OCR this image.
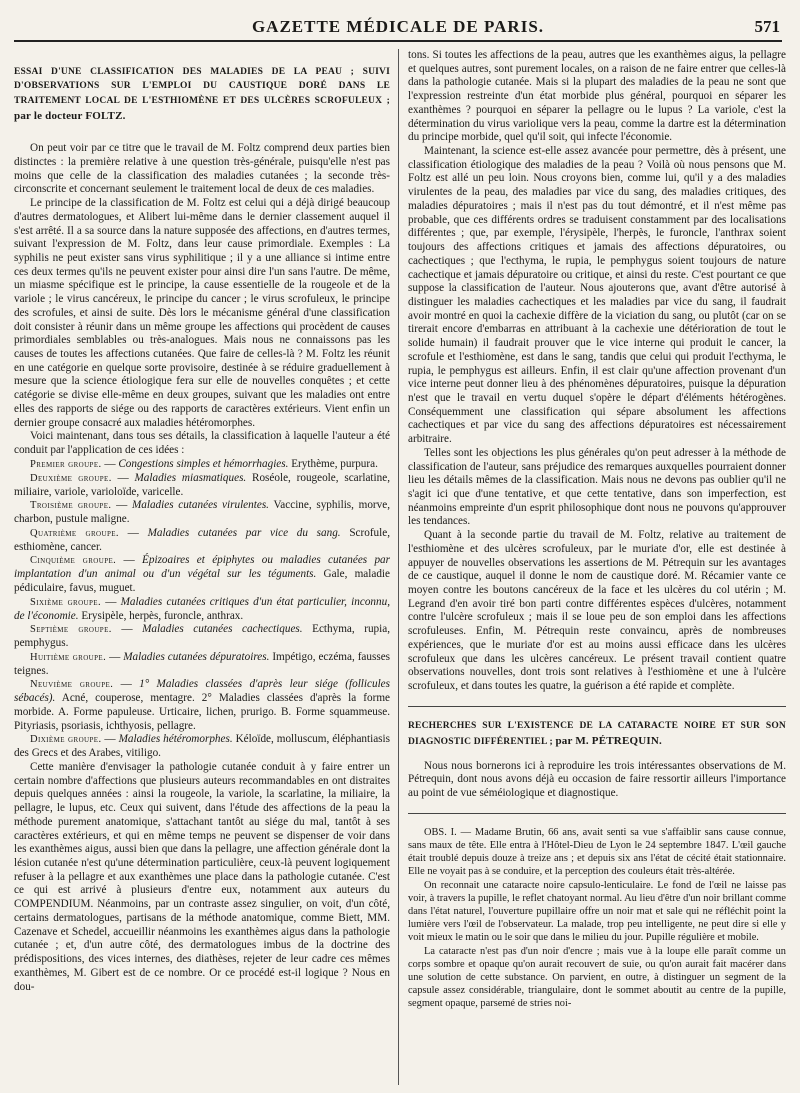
GAZETTE MÉDICALE DE PARIS.	571

ESSAI D'UNE CLASSIFICATION DES MALADIES DE LA PEAU ; SUIVI D'OBSERVATIONS SUR L'EMPLOI DU CAUSTIQUE DORÉ DANS LE TRAITEMENT LOCAL DE L'ESTHIOMÈNE ET DES ULCÈRES SCROFULEUX ; par le docteur FOLTZ.

On peut voir par ce titre que le travail de M. Foltz comprend deux parties bien distinctes : la première relative à une question très-générale, puisqu'elle n'est pas moins que celle de la classification des maladies cutanées ; la seconde très-circonscrite et concernant seulement le traitement local de deux de ces maladies.

Le principe de la classification de M. Foltz est celui qui a déjà dirigé beaucoup d'autres dermatologues, et Alibert lui-même dans le dernier classement auquel il s'est arrêté. Il a sa source dans la nature supposée des affections, en d'autres termes, suivant l'expression de M. Foltz, dans leur cause primordiale. Exemples : La syphilis ne peut exister sans virus syphilitique ; il y a une alliance si intime entre ces deux termes qu'ils ne peuvent exister pour ainsi dire l'un sans l'autre. De même, un miasme spécifique est le principe, la cause essentielle de la rougeole et de la variole ; le virus cancéreux, le principe du cancer ; le virus scrofuleux, le principe des scrofules, et ainsi de suite. Dès lors le mécanisme général d'une classification doit consister à réunir dans un même groupe les affections qui procèdent de causes primordiales semblables ou très-analogues. Mais nous ne connaissons pas les causes de toutes les affections cutanées. Que faire de celles-là ? M. Foltz les réunit en une catégorie en quelque sorte provisoire, destinée à se réduire graduellement à mesure que la science étiologique fera sur elle de nouvelles conquêtes ; et cette catégorie se divise elle-même en deux groupes, suivant que les maladies ont entre elles des rapports de siége ou des rapports de caractères extérieurs. Vient enfin un dernier groupe consacré aux maladies hétéromorphes.

Voici maintenant, dans tous ses détails, la classification à laquelle l'auteur a été conduit par l'application de ces idées :

Premier groupe. — Congestions simples et hémorrhagies. Erythème, purpura.

Deuxième groupe. — Maladies miasmatiques. Roséole, rougeole, scarlatine, miliaire, variole, varioloïde, varicelle.

Troisième groupe. — Maladies cutanées virulentes. Vaccine, syphilis, morve, charbon, pustule maligne.

Quatrième groupe. — Maladies cutanées par vice du sang. Scrofule, esthiomène, cancer.

Cinquième groupe. — Épizoaires et épiphytes ou maladies cutanées par implantation d'un animal ou d'un végétal sur les téguments. Gale, maladie pédiculaire, favus, muguet.

Sixième groupe. — Maladies cutanées critiques d'un état particulier, inconnu, de l'économie. Erysipèle, herpès, furoncle, anthrax.

Septième groupe. — Maladies cutanées cachectiques. Ecthyma, rupia, pemphygus.

Huitième groupe. — Maladies cutanées dépuratoires. Impétigo, eczéma, fausses teignes.

Neuvième groupe. — 1° Maladies classées d'après leur siége (follicules sébacés). Acné, couperose, mentagre. 2° Maladies classées d'après la forme morbide. A. Forme papuleuse. Urticaire, lichen, prurigo. B. Forme squammeuse. Pityriasis, psoriasis, ichthyosis, pellagre.

Dixième groupe. — Maladies hétéromorphes. Kéloïde, molluscum, éléphantiasis des Grecs et des Arabes, vitiligo.

Cette manière d'envisager la pathologie cutanée conduit à y faire entrer un certain nombre d'affections que plusieurs auteurs recommandables en ont distraites depuis quelques années : ainsi la rougeole, la variole, la scarlatine, la miliaire, la pellagre, le lupus, etc. Ceux qui suivent, dans l'étude des affections de la peau la méthode purement anatomique, s'attachant tantôt au siége du mal, tantôt à ses caractères extérieurs, et qui en même temps ne peuvent se dispenser de voir dans les exanthèmes aigus, aussi bien que dans la pellagre, une affection générale dont la lésion cutanée n'est qu'une détermination particulière, ceux-là peuvent logiquement refuser à la pellagre et aux exanthèmes une place dans la pathologie cutanée. C'est ce qui est arrivé à plusieurs d'entre eux, notamment aux auteurs du COMPENDIUM. Néanmoins, par un contraste assez singulier, on voit, d'un côté, certains dermatologues, partisans de la méthode anatomique, comme Biett, MM. Cazenave et Schedel, accueillir néanmoins les exanthèmes aigus dans la pathologie cutanée ; et, d'un autre côté, des dermatologues imbus de la doctrine des prédispositions, des vices internes, des diathèses, rejeter de leur cadre ces mêmes exanthèmes, M. Gibert est de ce nombre. Or ce procédé est-il logique ? Nous en dou-

tons. Si toutes les affections de la peau, autres que les exanthèmes aigus, la pellagre et quelques autres, sont purement locales, on a raison de ne faire entrer que celles-là dans la pathologie cutanée. Mais si la plupart des maladies de la peau ne sont que l'expression restreinte d'un état morbide plus général, pourquoi en séparer les exanthèmes ? pourquoi en séparer la pellagre ou le lupus ? La variole, c'est la détermination du virus variolique vers la peau, comme la dartre est la détermination du principe morbide, quel qu'il soit, qui infecte l'économie.

Maintenant, la science est-elle assez avancée pour permettre, dès à présent, une classification étiologique des maladies de la peau ? Voilà où nous pensons que M. Foltz est allé un peu loin. Nous croyons bien, comme lui, qu'il y a des maladies virulentes de la peau, des maladies par vice du sang, des maladies critiques, des maladies dépuratoires ; mais il n'est pas du tout démontré, et il n'est même pas probable, que ces différents ordres se traduisent constamment par des localisations différentes ; que, par exemple, l'érysipèle, l'herpès, le furoncle, l'anthrax soient toujours des affections critiques et jamais des affections dépuratoires, ou cachectiques ; que l'ecthyma, le rupia, le pemphygus soient toujours de nature cachectique et jamais dépuratoire ou critique, et ainsi du reste. C'est pourtant ce que suppose la classification de l'auteur. Nous ajouterons que, avant d'être autorisé à distinguer les maladies cachectiques et les maladies par vice du sang, il faudrait avoir montré en quoi la cachexie diffère de la viciation du sang, ou plutôt (car on se tirerait encore d'embarras en attribuant à la cachexie une détérioration de tout le solide humain) il faudrait prouver que le vice interne qui produit le cancer, la scrofule et l'esthiomène, est dans le sang, tandis que celui qui produit l'ecthyma, le rupia, le pemphygus est ailleurs. Enfin, il est clair qu'une affection provenant d'un vice interne peut donner lieu à des phénomènes dépuratoires, puisque la dépuration n'est que le travail en vertu duquel s'opère le départ d'éléments hétérogènes. Conséquemment une classification qui sépare absolument les affections cachectiques et par vice du sang des affections dépuratoires est nécessairement arbitraire.

Telles sont les objections les plus générales qu'on peut adresser à la méthode de classification de l'auteur, sans préjudice des remarques auxquelles pourraient donner lieu les détails mêmes de la classification. Mais nous ne devons pas oublier qu'il ne s'agit ici que d'une tentative, et que cette tentative, dans son imperfection, est néanmoins empreinte d'un esprit philosophique dont nous ne pouvons qu'approuver les tendances.

Quant à la seconde partie du travail de M. Foltz, relative au traitement de l'esthiomène et des ulcères scrofuleux, par le muriate d'or, elle est destinée à appuyer de nouvelles observations les assertions de M. Pétrequin sur les avantages de ce caustique, auquel il donne le nom de caustique doré. M. Récamier vante ce moyen contre les boutons cancéreux de la face et les ulcères du col utérin ; M. Legrand d'en avoir tiré bon parti contre différentes espèces d'ulcères, notamment contre l'ulcère scrofuleux ; mais il se loue peu de son emploi dans les affections scrofuleuses. Enfin, M. Pétrequin reste convaincu, après de nombreuses expériences, que le muriate d'or est au moins aussi efficace dans les ulcères scrofuleux que dans les ulcères cancéreux. Le présent travail contient quatre observations nouvelles, dont trois sont relatives à l'esthiomène et une à l'ulcère scrofuleux, et dans toutes les quatre, la guérison a été rapide et complète.

RECHERCHES SUR L'EXISTENCE DE LA CATARACTE NOIRE ET SUR SON DIAGNOSTIC DIFFÉRENTIEL ; par M. PÉTREQUIN.

Nous nous bornerons ici à reproduire les trois intéressantes observations de M. Pétrequin, dont nous avons déjà eu occasion de faire ressortir ailleurs l'importance au point de vue séméiologique et diagnostique.

OBS. I. — Madame Brutin, 66 ans, avait senti sa vue s'affaiblir sans cause connue, sans maux de tête. Elle entra à l'Hôtel-Dieu de Lyon le 24 septembre 1847. L'œil gauche était troublé depuis douze à treize ans ; et depuis six ans l'état de cécité était stationnaire. Elle ne voyait pas à se conduire, et la perception des couleurs était très-altérée.

On reconnait une cataracte noire capsulo-lenticulaire. Le fond de l'œil ne laisse pas voir, à travers la pupille, le reflet chatoyant normal. Au lieu d'être d'un noir brillant comme dans l'état naturel, l'ouverture pupillaire offre un noir mat et sale qui ne réfléchit point la lumière vers l'œil de l'observateur. La malade, trop peu intelligente, ne peut dire si elle y voit mieux le matin ou le soir que dans le milieu du jour. Pupille régulière et mobile.

La cataracte n'est pas d'un noir d'encre ; mais vue à la loupe elle paraît comme un corps sombre et opaque qu'on aurait recouvert de suie, ou qu'on aurait fait macérer dans une solution de cette substance. On parvient, en outre, à distinguer un segment de la capsule assez considérable, triangulaire, dont le sommet aboutit au centre de la pupille, segment opaque, parsemé de stries noi-
